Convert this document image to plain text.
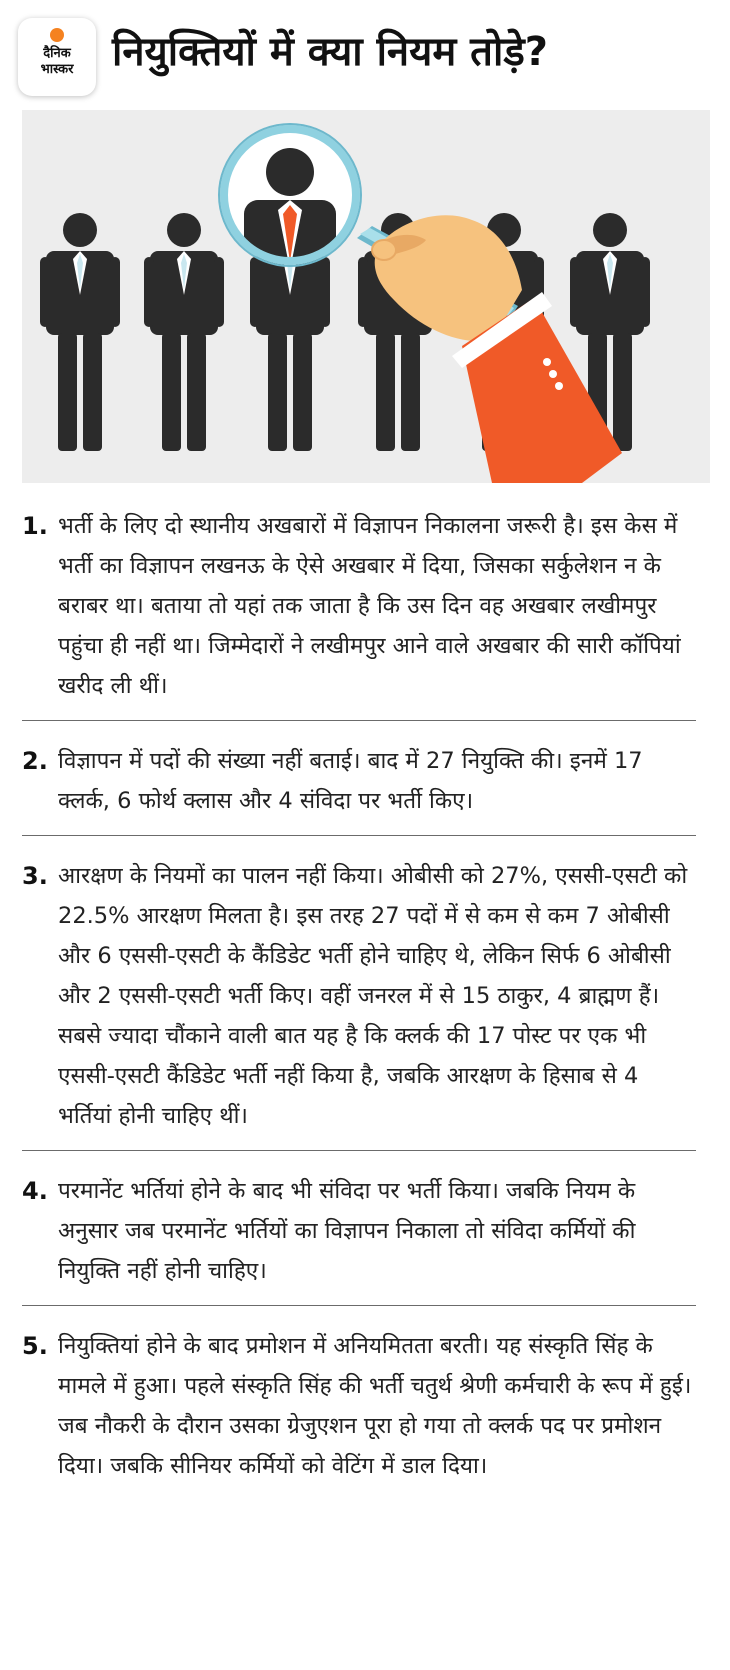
दैनिक
भास्कर नियुक्तियों में क्या नियम तोड़े?
1. भर्ती के लिए दो स्थानीय अखबारों में विज्ञापन निकालना जरूरी है। इस केस में भर्ती का विज्ञापन लखनऊ के ऐसे अखबार में दिया, जिसका सर्कुलेशन न के बराबर था। बताया तो यहां तक जाता है कि उस दिन वह अखबार लखीमपुर पहुंचा ही नहीं था। जिम्मेदारों ने लखीमपुर आने वाले अखबार की सारी कॉपियां खरीद ली थीं।
2. विज्ञापन में पदों की संख्या नहीं बताई। बाद में 27 नियुक्ति की। इनमें 17 क्लर्क, 6 फोर्थ क्लास और 4 संविदा पर भर्ती किए।
3. आरक्षण के नियमों का पालन नहीं किया। ओबीसी को 27%, एससी-एसटी को 22.5% आरक्षण मिलता है। इस तरह 27 पदों में से कम से कम 7 ओबीसी और 6 एससी-एसटी के कैंडिडेट भर्ती होने चाहिए थे, लेकिन सिर्फ 6 ओबीसी और 2 एससी-एसटी भर्ती किए। वहीं जनरल में से 15 ठाकुर, 4 ब्राह्मण हैं। सबसे ज्यादा चौंकाने वाली बात यह है कि क्लर्क की 17 पोस्ट पर एक भी एससी-एसटी कैंडिडेट भर्ती नहीं किया है, जबकि आरक्षण के हिसाब से 4 भर्तियां होनी चाहिए थीं।
4. परमानेंट भर्तियां होने के बाद भी संविदा पर भर्ती किया। जबकि नियम के अनुसार जब परमानेंट भर्तियों का विज्ञापन निकाला तो संविदा कर्मियों की नियुक्ति नहीं होनी चाहिए।
5. नियुक्तियां होने के बाद प्रमोशन में अनियमितता बरती। यह संस्कृति सिंह के मामले में हुआ। पहले संस्कृति सिंह की भर्ती चतुर्थ श्रेणी कर्मचारी के रूप में हुई। जब नौकरी के दौरान उसका ग्रेजुएशन पूरा हो गया तो क्लर्क पद पर प्रमोशन दिया। जबकि सीनियर कर्मियों को वेटिंग में डाल दिया।
